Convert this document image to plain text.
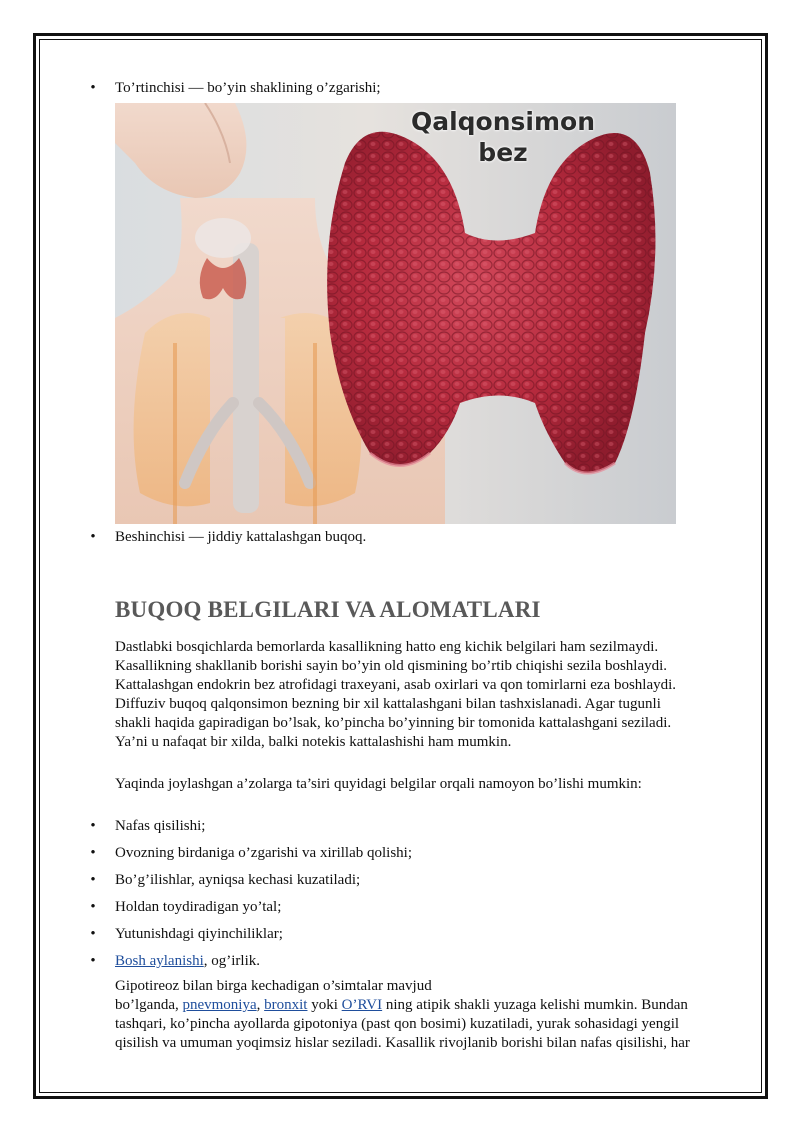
• To’rtinchisi — bo’yin shaklining o’zgarishi;
Qalqonsimon
bez
• Beshinchisi — jiddiy kattalashgan buqoq.
BUQOQ BELGILARI VA ALOMATLARI
Dastlabki bosqichlarda bemorlarda kasallikning hatto eng kichik belgilari ham sezilmaydi.
Kasallikning shakllanib borishi sayin bo’yin old qismining bo’rtib chiqishi sezila boshlaydi.
Kattalashgan endokrin bez atrofidagi traxeyani, asab oxirlari va qon tomirlarni eza boshlaydi.
Diffuziv buqoq qalqonsimon bezning bir xil kattalashgani bilan tashxislanadi. Agar tugunli
shakli haqida gapiradigan bo’lsak, ko’pincha bo’yinning bir tomonida kattalashgani seziladi.
Ya’ni u nafaqat bir xilda, balki notekis kattalashishi ham mumkin.
Yaqinda joylashgan a’zolarga ta’siri quyidagi belgilar orqali namoyon bo’lishi mumkin:
• Nafas qisilishi;
• Ovozning birdaniga o’zgarishi va xirillab qolishi;
• Bo’g’ilishlar, ayniqsa kechasi kuzatiladi;
• Holdan toydiradigan yo’tal;
• Yutunishdagi qiyinchiliklar;
• Bosh aylanishi, og’irlik.
Gipotireoz bilan birga kechadigan o’simtalar mavjud
bo’lganda, pnevmoniya, bronxit yoki O’RVI ning atipik shakli yuzaga kelishi mumkin. Bundan
tashqari, ko’pincha ayollarda gipotoniya (past qon bosimi) kuzatiladi, yurak sohasidagi yengil
qisilish va umuman yoqimsiz hislar seziladi. Kasallik rivojlanib borishi bilan nafas qisilishi, har
